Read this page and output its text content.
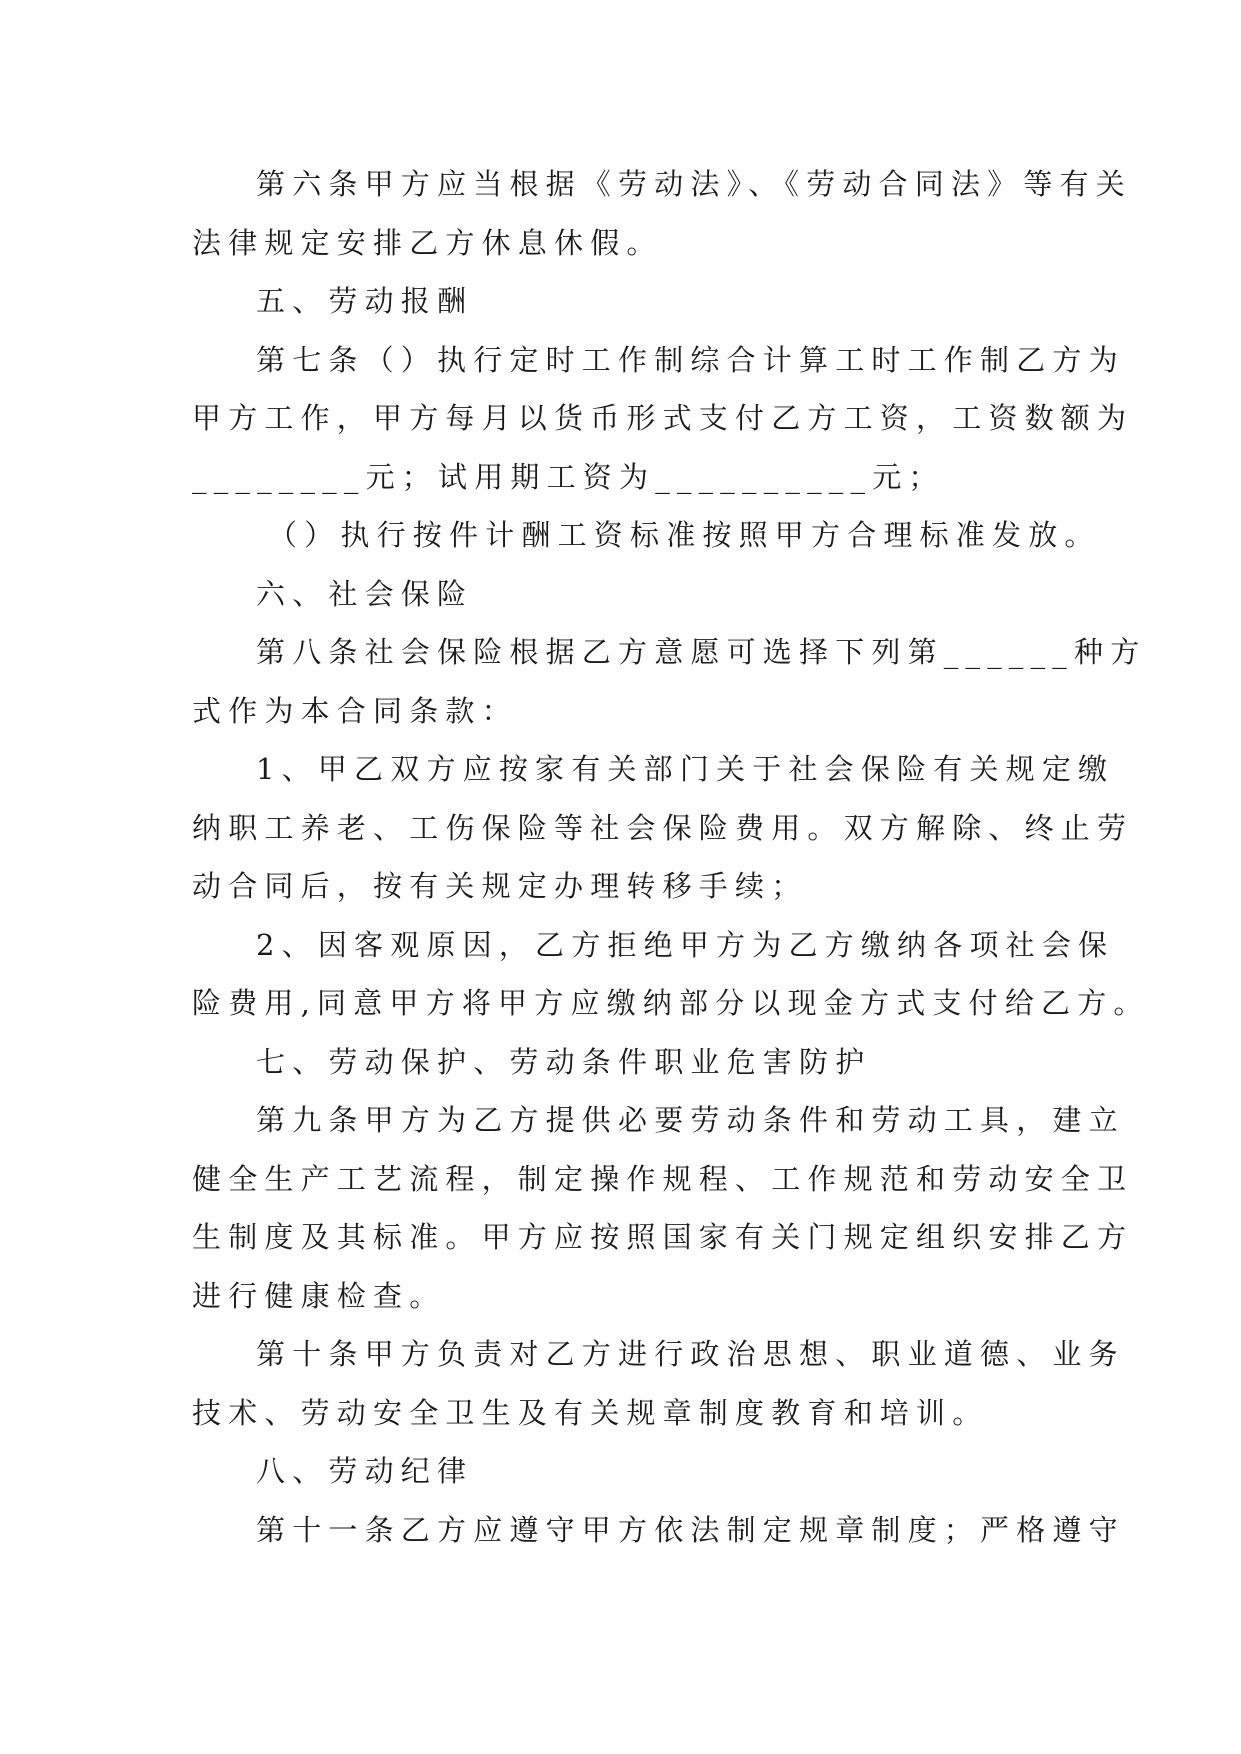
第六条甲方应当根据《劳动法》、《劳动合同法》等有关
法律规定安排乙方休息休假。
五、劳动报酬
第七条（）执行定时工作制综合计算工时工作制乙方为
甲方工作，甲方每月以货币形式支付乙方工资，工资数额为
________元；试用期工资为__________元；
（）执行按件计酬工资标准按照甲方合理标准发放。
六、社会保险
第八条社会保险根据乙方意愿可选择下列第______种方
式作为本合同条款：
1、甲乙双方应按家有关部门关于社会保险有关规定缴
纳职工养老、工伤保险等社会保险费用。双方解除、终止劳
动合同后，按有关规定办理转移手续；
2、因客观原因，乙方拒绝甲方为乙方缴纳各项社会保
险费用,同意甲方将甲方应缴纳部分以现金方式支付给乙方。
七、劳动保护、劳动条件职业危害防护
第九条甲方为乙方提供必要劳动条件和劳动工具，建立
健全生产工艺流程，制定操作规程、工作规范和劳动安全卫
生制度及其标准。甲方应按照国家有关门规定组织安排乙方
进行健康检查。
第十条甲方负责对乙方进行政治思想、职业道德、业务
技术、劳动安全卫生及有关规章制度教育和培训。
八、劳动纪律
第十一条乙方应遵守甲方依法制定规章制度；严格遵守
